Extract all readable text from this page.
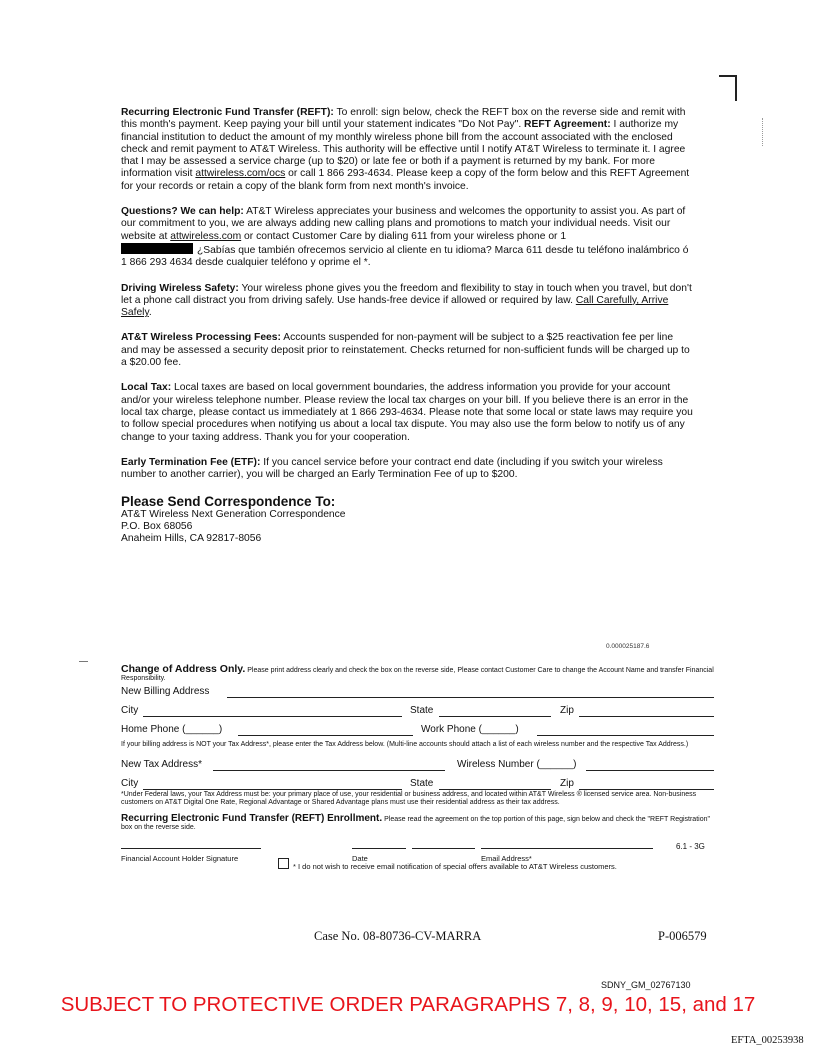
Recurring Electronic Fund Transfer (REFT): To enroll: sign below, check the REFT box on the reverse side and remit with this month's payment. Keep paying your bill until your statement indicates "Do Not Pay". REFT Agreement: I authorize my financial institution to deduct the amount of my monthly wireless phone bill from the account associated with the enclosed check and remit payment to AT&T Wireless. This authority will be effective until I notify AT&T Wireless to terminate it. I agree that I may be assessed a service charge (up to $20) or late fee or both if a payment is returned by my bank. For more information visit attwireless.com/ocs or call 1 866 293-4634. Please keep a copy of the form below and this REFT Agreement for your records or retain a copy of the blank form from next month's invoice.

Questions? We can help: AT&T Wireless appreciates your business and welcomes the opportunity to assist you. As part of our commitment to you, we are always adding new calling plans and promotions to match your individual needs. Visit our website at attwireless.com or contact Customer Care by dialing 611 from your wireless phone or 1
¿Sabías que también ofrecemos servicio al cliente en tu idioma? Marca 611 desde tu teléfono inalámbrico ó 1 866 293 4634 desde cualquier teléfono y oprime el *.

Driving Wireless Safety: Your wireless phone gives you the freedom and flexibility to stay in touch when you travel, but don't let a phone call distract you from driving safely. Use hands-free device if allowed or required by law. Call Carefully, Arrive Safely.

AT&T Wireless Processing Fees: Accounts suspended for non-payment will be subject to a $25 reactivation fee per line and may be assessed a security deposit prior to reinstatement. Checks returned for non-sufficient funds will be charged up to a $20.00 fee.

Local Tax: Local taxes are based on local government boundaries, the address information you provide for your account and/or your wireless telephone number. Please review the local tax charges on your bill. If you believe there is an error in the local tax charge, please contact us immediately at 1 866 293-4634. Please note that some local or state laws may require you to follow special procedures when notifying us about a local tax dispute. You may also use the form below to notify us of any change to your taxing address. Thank you for your cooperation.

Early Termination Fee (ETF): If you cancel service before your contract end date (including if you switch your wireless number to another carrier), you will be charged an Early Termination Fee of up to $200.

Please Send Correspondence To:
AT&T Wireless Next Generation Correspondence
P.O. Box 68056
Anaheim Hills, CA 92817-8056
0.000025187.6
Change of Address Only. Please print address clearly and check the box on the reverse side, Please contact Customer Care to change the Account Name and transfer Financial Responsibility.
New Billing Address
City	State	Zip
Home Phone (______)	Work Phone (______)
If your billing address is NOT your Tax Address*, please enter the Tax Address below. (Multi-line accounts should attach a list of each wireless number and the respective Tax Address.)
New Tax Address*	Wireless Number (______)
City	State	Zip
*Under Federal laws, your Tax Address must be: your primary place of use, your residential or business address, and located within AT&T Wireless ® licensed service area. Non-business customers on AT&T Digital One Rate, Regional Advantage or Shared Advantage plans must use their residential address as their tax address.
Recurring Electronic Fund Transfer (REFT) Enrollment. Please read the agreement on the top portion of this page, sign below and check the "REFT Registration" box on the reverse side.
6.1 - 3G
Financial Account Holder Signature	Date	Email Address*
* I do not wish to receive email notification of special offers available to AT&T Wireless customers.
Case No. 08-80736-CV-MARRA	P-006579
SDNY_GM_02767130
SUBJECT TO PROTECTIVE ORDER PARAGRAPHS 7, 8, 9, 10, 15, and 17
EFTA_00253938
